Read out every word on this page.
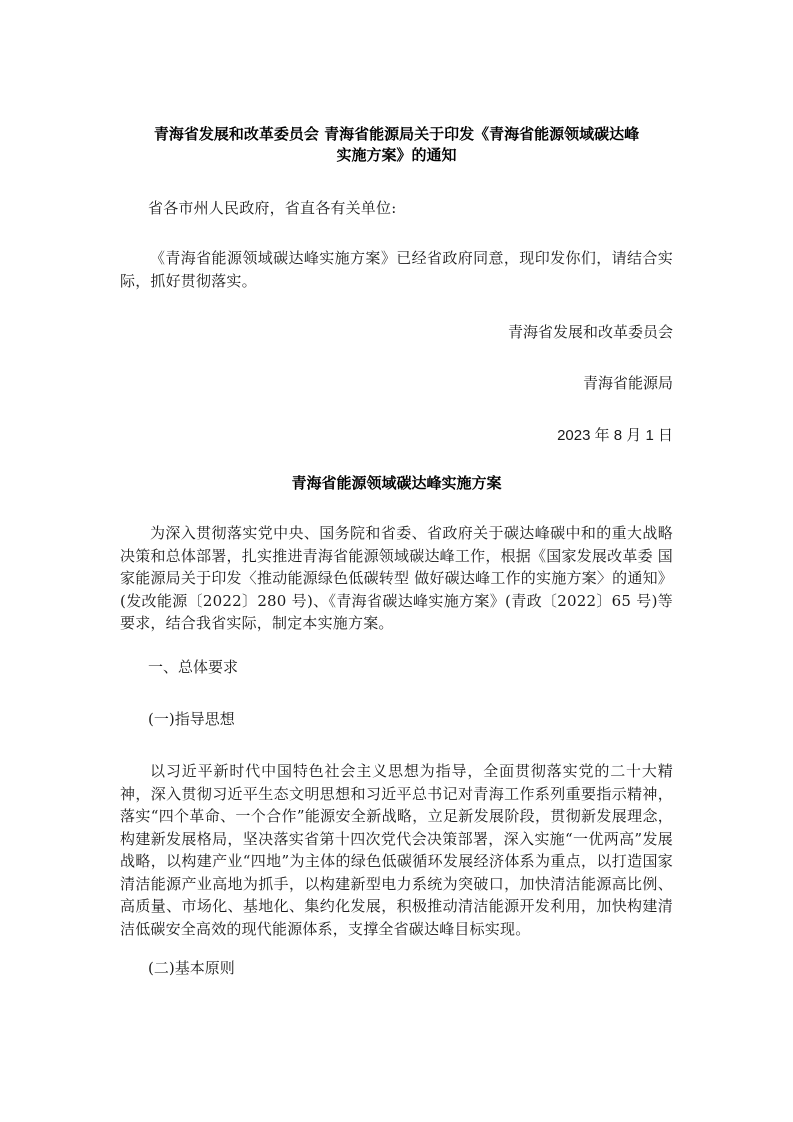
青海省发展和改革委员会 青海省能源局关于印发《青海省能源领域碳达峰
实施方案》的通知
省各市州人民政府，省直各有关单位:
《青海省能源领域碳达峰实施方案》已经省政府同意，现印发你们，请结合实际，抓好贯彻落实。
青海省发展和改革委员会
青海省能源局
2023 年 8 月 1 日
青海省能源领域碳达峰实施方案
为深入贯彻落实党中央、国务院和省委、省政府关于碳达峰碳中和的重大战略决策和总体部署，扎实推进青海省能源领域碳达峰工作，根据《国家发展改革委 国家能源局关于印发〈推动能源绿色低碳转型 做好碳达峰工作的实施方案〉的通知》(发改能源〔2022〕280 号)、《青海省碳达峰实施方案》(青政〔2022〕65 号)等要求，结合我省实际，制定本实施方案。
一、总体要求
(一)指导思想
以习近平新时代中国特色社会主义思想为指导，全面贯彻落实党的二十大精神，深入贯彻习近平生态文明思想和习近平总书记对青海工作系列重要指示精神，落实“四个革命、一个合作”能源安全新战略，立足新发展阶段，贯彻新发展理念，构建新发展格局，坚决落实省第十四次党代会决策部署，深入实施“一优两高”发展战略，以构建产业“四地”为主体的绿色低碳循环发展经济体系为重点，以打造国家清洁能源产业高地为抓手，以构建新型电力系统为突破口，加快清洁能源高比例、高质量、市场化、基地化、集约化发展，积极推动清洁能源开发利用，加快构建清洁低碳安全高效的现代能源体系，支撑全省碳达峰目标实现。
(二)基本原则
